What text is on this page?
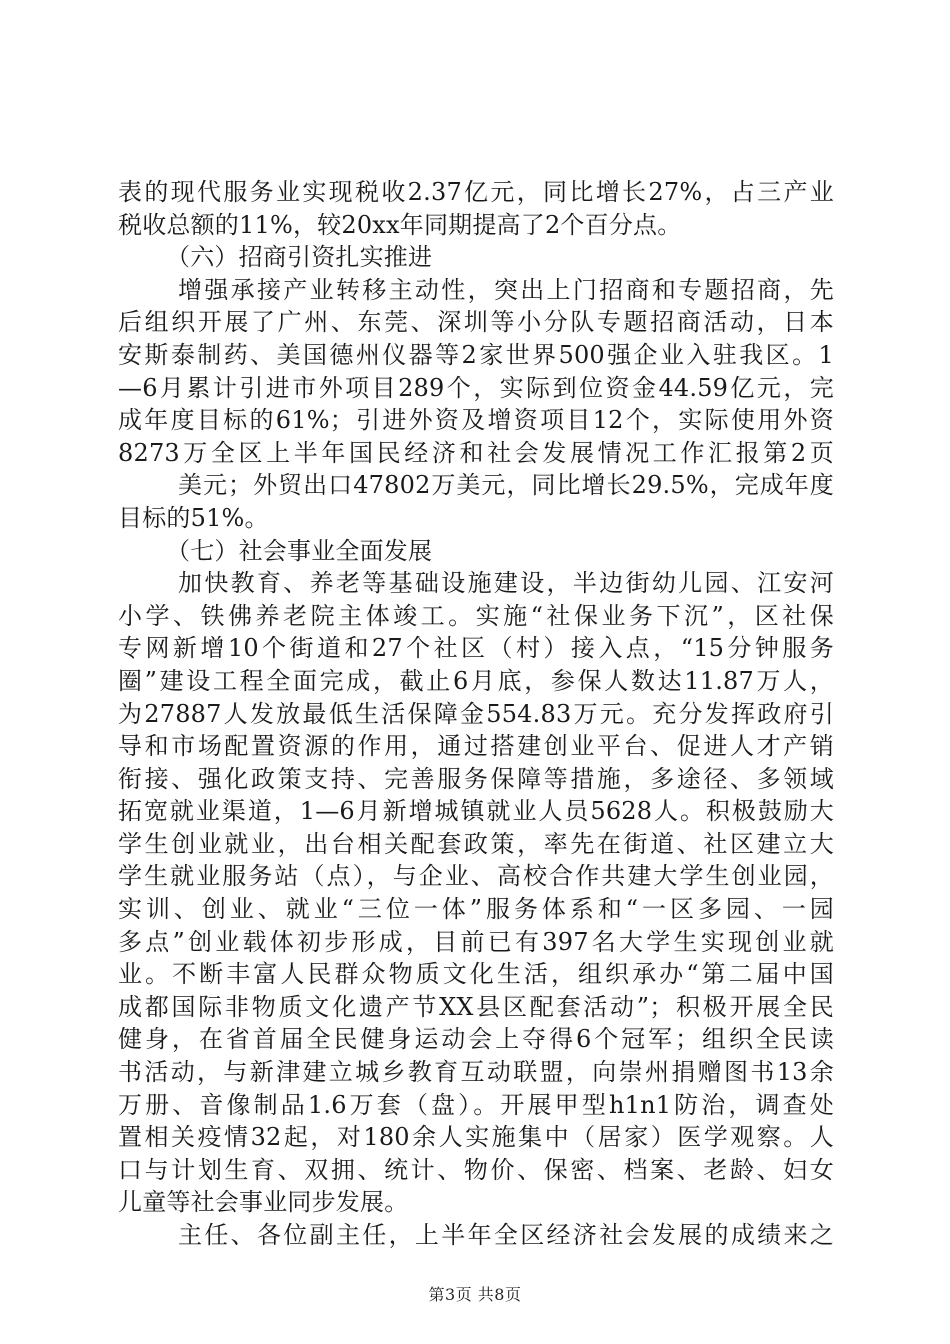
表的现代服务业实现税收2.37亿元，同比增长27%，占三产业
税收总额的11%，较20xx年同期提高了2个百分点。
（六）招商引资扎实推进
增强承接产业转移主动性，突出上门招商和专题招商，先
后组织开展了广州、东莞、深圳等小分队专题招商活动，日本
安斯泰制药、美国德州仪器等2家世界500强企业入驻我区。1
—6月累计引进市外项目289个，实际到位资金44.59亿元，完
成年度目标的61%；引进外资及增资项目12个，实际使用外资
8273万全区上半年国民经济和社会发展情况工作汇报第2页
美元；外贸出口47802万美元，同比增长29.5%，完成年度
目标的51%。
（七）社会事业全面发展
加快教育、养老等基础设施建设，半边街幼儿园、江安河
小学、铁佛养老院主体竣工。实施“社保业务下沉”，区社保
专网新增10个街道和27个社区（村）接入点，“15分钟服务
圈”建设工程全面完成，截止6月底，参保人数达11.87万人，
为27887人发放最低生活保障金554.83万元。充分发挥政府引
导和市场配置资源的作用，通过搭建创业平台、促进人才产销
衔接、强化政策支持、完善服务保障等措施，多途径、多领域
拓宽就业渠道，1—6月新增城镇就业人员5628人。积极鼓励大
学生创业就业，出台相关配套政策，率先在街道、社区建立大
学生就业服务站（点），与企业、高校合作共建大学生创业园，
实训、创业、就业“三位一体”服务体系和“一区多园、一园
多点”创业载体初步形成，目前已有397名大学生实现创业就
业。不断丰富人民群众物质文化生活，组织承办“第二届中国
成都国际非物质文化遗产节XX县区配套活动”；积极开展全民
健身，在省首届全民健身运动会上夺得6个冠军；组织全民读
书活动，与新津建立城乡教育互动联盟，向崇州捐赠图书13余
万册、音像制品1.6万套（盘）。开展甲型h1n1防治，调查处
置相关疫情32起，对180余人实施集中（居家）医学观察。人
口与计划生育、双拥、统计、物价、保密、档案、老龄、妇女
儿童等社会事业同步发展。
主任、各位副主任，上半年全区经济社会发展的成绩来之
第3页 共8页
